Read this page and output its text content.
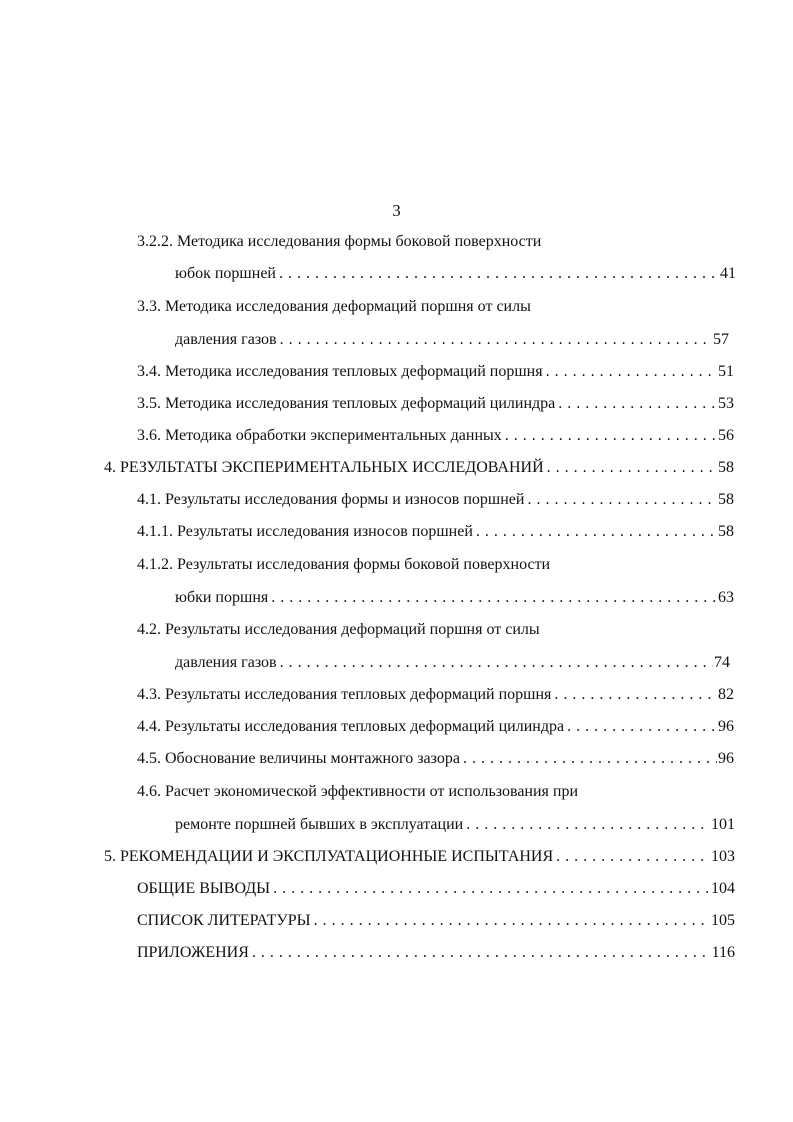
3
3.2.2. Методика исследования формы боковой поверхности
юбок поршней . . .	41
3.3. Методика исследования деформаций поршня от силы
давления газов . . .	57
3.4. Методика исследования тепловых деформаций поршня . . .	51
3.5. Методика исследования тепловых деформаций цилиндра . . .	53
3.6. Методика обработки экспериментальных данных . . .	56
4. РЕЗУЛЬТАТЫ ЭКСПЕРИМЕНТАЛЬНЫХ ИССЛЕДОВАНИЙ . . .	58
4.1. Результаты исследования формы и износов поршней . . .	58
4.1.1. Результаты исследования износов поршней . . .	58
4.1.2. Результаты исследования формы боковой поверхности
юбки поршня . . .	63
4.2. Результаты исследования деформаций поршня от силы
давления газов . . .	74
4.3. Результаты исследования тепловых деформаций поршня . . .	82
4.4. Результаты исследования тепловых деформаций цилиндра . . .	96
4.5. Обоснование величины монтажного зазора . . .	96
4.6. Расчет экономической эффективности от использования при
ремонте поршней бывших в эксплуатации . . .	101
5. РЕКОМЕНДАЦИИ И ЭКСПЛУАТАЦИОННЫЕ ИСПЫТАНИЯ . . .	103
ОБЩИЕ ВЫВОДЫ . . .	104
СПИСОК ЛИТЕРАТУРЫ . . .	105
ПРИЛОЖЕНИЯ . . .	116
